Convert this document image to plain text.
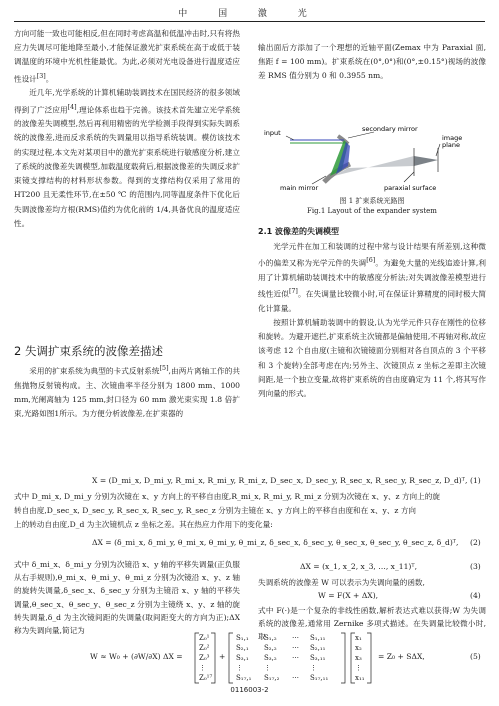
中 国 激 光

方向可能一致也可能相反,但在同时考虑高温和低温冲击时,只有将热应力失调尽可能地降至最小,才能保证激光扩束系统在高于或低于装调温度的环境中光机性能最优。为此,必须对光电设备进行温度适应性设计[3]。

近几年,光学系统的计算机辅助装调技术在国民经济的很多领域得到了广泛应用[4],理论体系也趋于完善。该技术首先建立光学系统的波像差失调模型,然后再利用精密的光学检测手段得到实际失调系统的波像差,进而反求系统的失调量用以指导系统装调。模仿该技术的实现过程,本文先对某项目中的激光扩束系统进行敏感度分析,建立了系统的波像差失调模型,加载温度载荷后,根据波像差的失调反求扩束镜支撑结构的材料形状参数。得到的支撑结构仅采用了常用的 HT200 且无柔性环节,在±50 ℃ 的范围内,同等温度条件下优化后失调波像差均方根(RMS)值约为优化前的 1/4,具备优良的温度适应性。

2 失调扩束系统的波像差描述

采用的扩束系统为典型的卡式反射系统[5],由两片离轴工作的共焦抛物反射镜构成。主、次镜曲率半径分别为 1800 mm、1000 mm,光阑离轴为 125 mm,封口径为 60 mm 激光束实现 1.8 倍扩束,光路如图1所示。为方便分析波像差,在扩束器的

输出面后方添加了一个理想的近轴平面(Zemax 中为 Paraxial 面,焦距 f = 100 mm)。扩束系统在(0°,0°)和(0°,±0.15°)视场的波像差 RMS 值分别为 0 和 0.3955 nm。

input	secondary mirror
image
plane
main mirror	paraxial surface
图 1 扩束系统光路图
Fig.1 Layout of the expander system
2.1 波像差的失调模型

光学元件在加工和装调的过程中常与设计结果有所差别,这种微小的偏差又称为光学元件的失调[6]。为避免大量的光线追迹计算,利用了计算机辅助装调技术中的敏感度分析法;对失调波像差模型进行线性近似[7]。在失调量比较微小时,可在保证计算精度的同时极大简化计算量。

按照计算机辅助装调中的假设,认为光学元件只存在刚性的位移和旋转。为避开遮拦,扩束系统主次镜都是偏轴使用,不再轴对称,故应该考虑 12 个自由度(主镜和次镜镜面分别相对各自顶点的 3 个平移和 3 个旋转)全部考虑在内;另外主、次镜顶点 z 坐标之差即主次镜间距,是一个独立变量,故将扩束系统的自由度确定为 11 个,将其写作列向量的形式。

X = (D_mi_x, D_mi_y, R_mi_x, R_mi_y, R_mi_z, D_sec_x, D_sec_y, R_sec_x, R_sec_y, R_sec_z, D_d)ᵀ, (1)

式中 D_mi_x, D_mi_y 分别为次镜在 x、y 方向上的平移自由度,R_mi_x, R_mi_y, R_mi_z 分别为次镜在 x、y、z 方向上的旋

转自由度,D_sec_x, D_sec_y, R_sec_x, R_sec_y, R_sec_z 分别为主镜在 x、y 方向上的平移自由度和在 x、y、z 方向

上的转动自由度,D_d 为主次镜机点 z 坐标之差。其在热应力作用下的变化量:

ΔX = (δ_mi_x, δ_mi_y, θ_mi_x, θ_mi_y, θ_mi_z, δ_sec_x, δ_sec_y, θ_sec_x, θ_sec_y, θ_sec_z, δ_d)ᵀ, (2)

式中 δ_mi_x、δ_mi_y 分别为次镜沿 x、y 轴的平移失调量(正负服从右手规则),θ_mi_x、θ_mi_y、θ_mi_z 分别为次镜沿 x、y、z 轴的旋转失调量,δ_sec_x、δ_sec_y 分别为主镜沿 x、y 轴的平移失调量,θ_sec_x、θ_sec_y、θ_sec_z 分别为主镜绕 x、y、z 轴的旋转失调量,δ_d 为主次镜间距的失调量(取间距变大的方向为正);ΔX 称为失调向量,简记为

ΔX = (x_1, x_2, x_3, …, x_11)ᵀ,	(3)
失调系统的波像差 W 可以表示为失调向量的函数,
W = F(X + ΔX),	(4)
式中 F(·)是一个复杂的非线性函数,解析表达式难以获得;W 为失调系统的波像差,通常用 Zernike 多项式描述。在失调量比较微小时,取
W ≈ W₀ + (∂W/∂X) ΔX =
Z₀¹
Z₀²
Z₀³
⋮
Z₀¹⁷
+
S₁,₁	S₁,₂	⋯	S₁,₁₁
S₂,₁	S₂,₂	⋯	S₂,₁₁
S₃,₁	S₃,₂	⋯	S₃,₁₁
⋮	⋮	⋮
S₁₇,₁	S₁₇,₂	⋯	S₁₇,₁₁
x₁
x₂
x₃
⋮
x₁₁
= Z₀ + SΔX,	(5)
0116003-2
